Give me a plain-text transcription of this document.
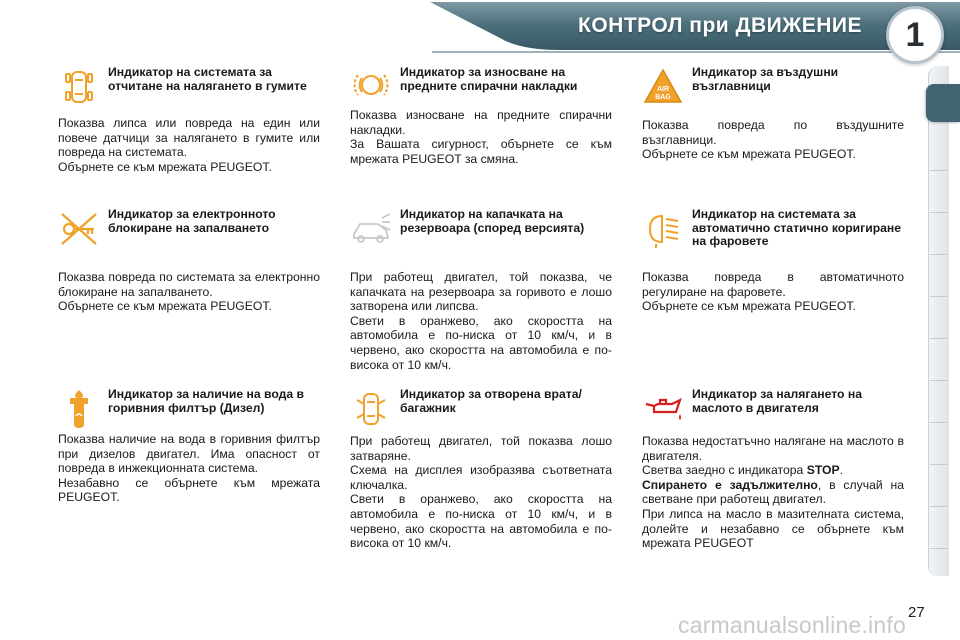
КОНТРОЛ при ДВИЖЕНИЕ 1
Индикатор на системата за отчитане на налягането в гумите

Показва липса или повреда на един или повече датчици за налягането в гумите или повреда на системата.

Обърнете се към мрежата PEUGEOT.

Индикатор за износване на предните спирачни накладки

Показва износване на предните спирачни накладки.

За Вашата сигурност, обърнете се към мрежата PEUGEOT за смяна.

AIR
BAG
Индикатор за въздушни възглавници

Показва повреда по въздушните възглавници.

Обърнете се към мрежата PEUGEOT.

Индикатор за електронното блокиране на запалването

Показва повреда по системата за електронно блокиране на запалването.

Обърнете се към мрежата PEUGEOT.

Индикатор на капачката на резервоара (според версията)

При работещ двигател, той показва, че капачката на резервоара за горивото е лошо затворена или липсва.

Свети в оранжево, ако скоростта на автомобила е по-ниска от 10 км/ч, и в червено, ако скоростта на автомобила е по-висока от 10 км/ч.

Индикатор на системата за автоматично статично коригиране на фаровете

Показва повреда в автоматичното регулиране на фаровете.

Обърнете се към мрежата PEUGEOT.

Индикатор за наличие на вода в горивния филтър (Дизел)

Показва наличие на вода в горивния филтър при дизелов двигател. Има опасност от повреда в инжекционната система.

Незабавно се обърнете към мрежата PEUGEOT.

Индикатор за отворена врата/багажник

При работещ двигател, той показва лошо затваряне.

Схема на дисплея изобразява съответната ключалка.

Свети в оранжево, ако скоростта на автомобила е по-ниска от 10 км/ч, и в червено, ако скоростта на автомобила е по-висока от 10 км/ч.

Индикатор за налягането на маслото в двигателя

Показва недостатъчно налягане на маслото в двигателя.

Светва заедно с индикатора STOP.

Спирането е задължително, в случай на светване при работещ двигател.

При липса на масло в мазителната система, долейте и незабавно се обърнете към мрежата PEUGEOT

27
carmanualsonline.info
